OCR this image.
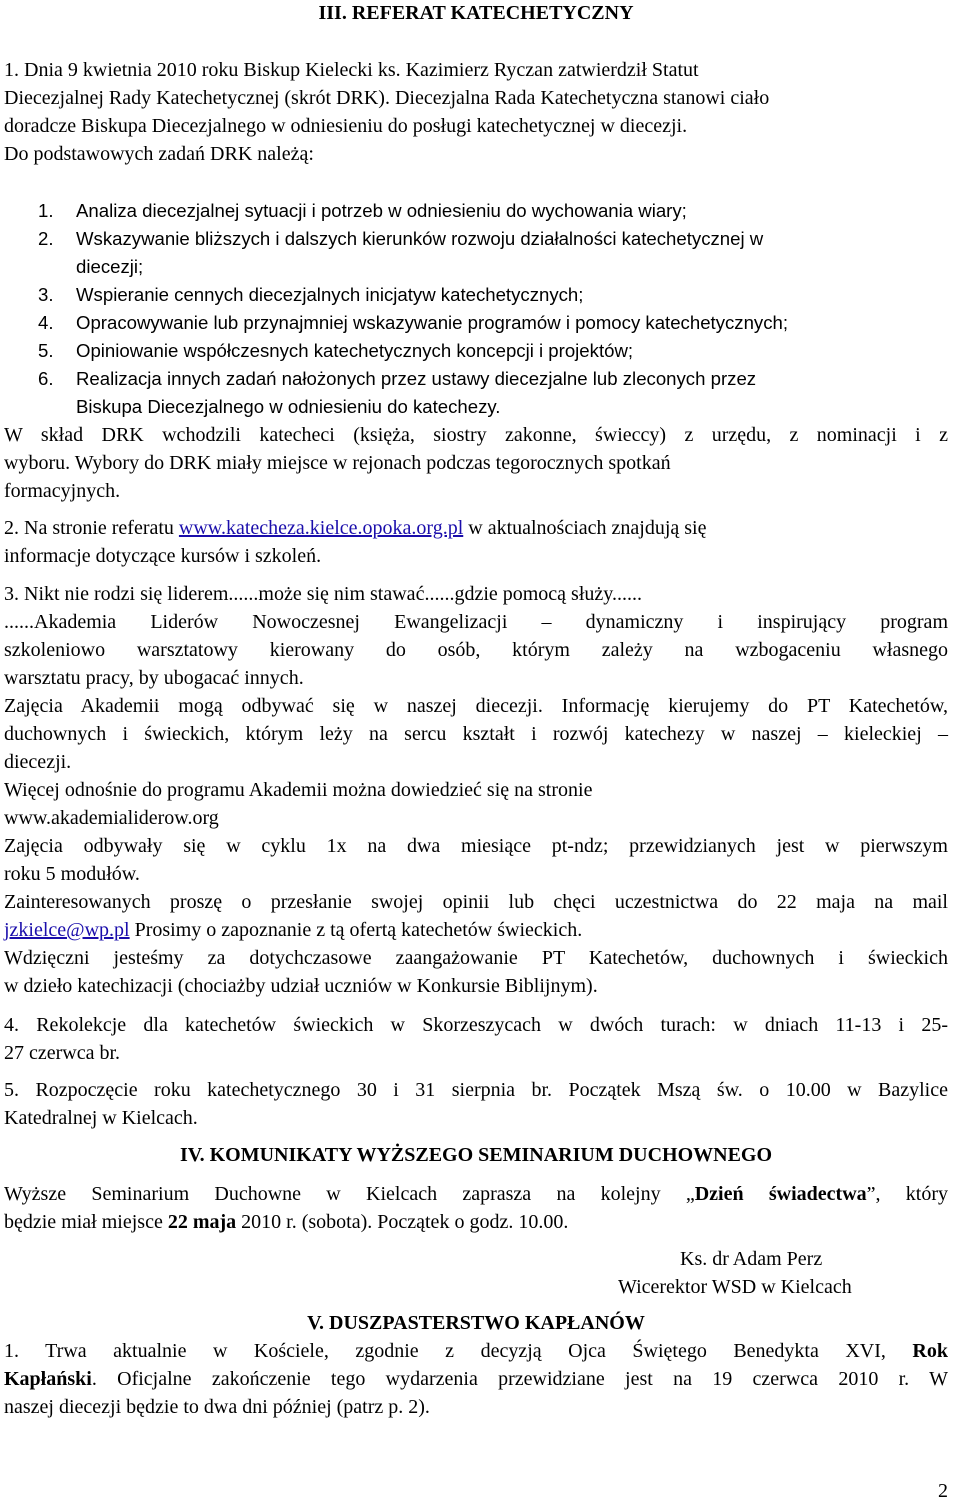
III. REFERAT KATECHETYCZNY

1. Dnia 9 kwietnia 2010 roku Biskup Kielecki ks. Kazimierz Ryczan zatwierdził Statut

Diecezjalnej Rady Katechetycznej (skrót DRK). Diecezjalna Rada Katechetyczna stanowi ciało

doradcze Biskupa Diecezjalnego w odniesieniu do posługi katechetycznej w diecezji.

Do podstawowych zadań DRK należą:

1.	Analiza diecezjalnej sytuacji i potrzeb w odniesieniu do wychowania wiary;

2.	Wskazywanie bliższych i dalszych kierunków rozwoju działalności katechetycznej w

diecezji;

3.	Wspieranie cennych diecezjalnych inicjatyw katechetycznych;

4.	Opracowywanie lub przynajmniej wskazywanie programów i pomocy katechetycznych;

5.	Opiniowanie współczesnych katechetycznych koncepcji i projektów;

6.	Realizacja innych zadań nałożonych przez ustawy diecezjalne lub zleconych przez

Biskupa Diecezjalnego w odniesieniu do katechezy.

W skład DRK wchodzili katecheci (księża, siostry zakonne, świeccy) z urzędu, z nominacji i z

wyboru. Wybory do DRK miały miejsce w rejonach podczas tegorocznych spotkań

formacyjnych.

2. Na stronie referatu www.katecheza.kielce.opoka.org.pl w aktualnościach znajdują się

informacje dotyczące kursów i szkoleń.

3. Nikt nie rodzi się liderem......może się nim stawać......gdzie pomocą służy......

......Akademia Liderów Nowoczesnej Ewangelizacji – dynamiczny i inspirujący program

szkoleniowo warsztatowy kierowany do osób, którym zależy na wzbogaceniu własnego

warsztatu pracy, by ubogacać innych.

Zajęcia Akademii mogą odbywać się w naszej diecezji. Informację kierujemy do PT Katechetów,

duchownych i świeckich, którym leży na sercu kształt i rozwój katechezy w naszej – kieleckiej –

diecezji.

Więcej odnośnie do programu Akademii można dowiedzieć się na stronie

www.akademialiderow.org

Zajęcia odbywały się w cyklu 1x na dwa miesiące pt-ndz; przewidzianych jest w pierwszym

roku 5 modułów.

Zainteresowanych proszę o przesłanie swojej opinii lub chęci uczestnictwa do 22 maja na mail

jzkielce@wp.pl Prosimy o zapoznanie z tą ofertą katechetów świeckich.

Wdzięczni jesteśmy za dotychczasowe zaangażowanie PT Katechetów, duchownych i świeckich

w dzieło katechizacji (chociażby udział uczniów w Konkursie Biblijnym).

4. Rekolekcje dla katechetów świeckich w Skorzeszycach w dwóch turach: w dniach 11-13 i 25-

27 czerwca br.

5. Rozpoczęcie roku katechetycznego 30 i 31 sierpnia br. Początek Mszą św. o 10.00 w Bazylice

Katedralnej w Kielcach.

IV. KOMUNIKATY WYŻSZEGO SEMINARIUM DUCHOWNEGO

Wyższe Seminarium Duchowne w Kielcach zaprasza na kolejny „Dzień świadectwa”, który

będzie miał miejsce 22 maja 2010 r. (sobota). Początek o godz. 10.00.

Ks. dr Adam Perz

Wicerektor WSD w Kielcach

V. DUSZPASTERSTWO KAPŁANÓW

1. Trwa aktualnie w Kościele, zgodnie z decyzją Ojca Świętego Benedykta XVI, Rok

Kapłański. Oficjalne zakończenie tego wydarzenia przewidziane jest na 19 czerwca 2010 r. W

naszej diecezji będzie to dwa dni później (patrz p. 2).

2
